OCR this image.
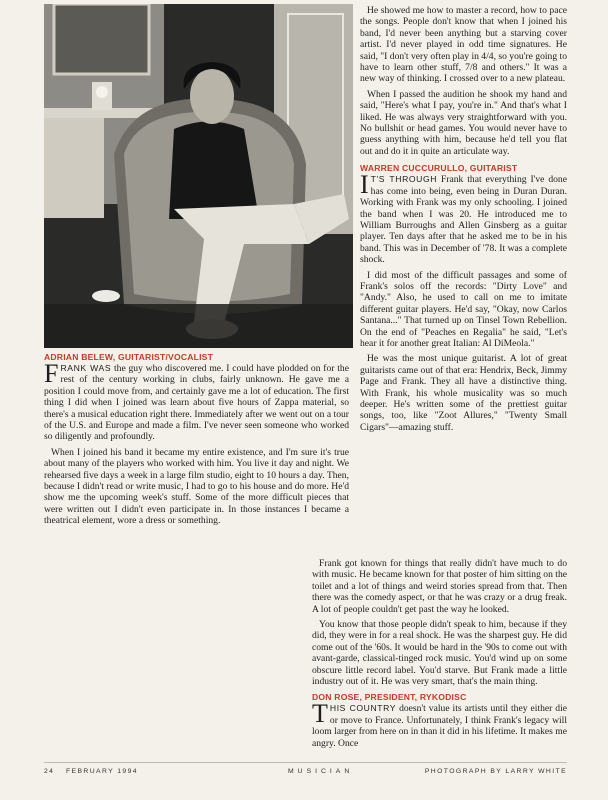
He showed me how to master a record, how to pace the songs. People don't know that when I joined his band, I'd never been anything but a starving cover artist. I'd never played in odd time signatures. He said, "I don't very often play in 4/4, so you're going to have to learn other stuff, 7/8 and others." It was a new way of thinking. I crossed over to a new plateau.

When I passed the audition he shook my hand and said, "Here's what I pay, you're in." And that's what I liked. He was always very straightforward with you. No bullshit or head games. You would never have to guess anything with him, because he'd tell you flat out and do it in quite an articulate way.

WARREN CUCCURULLO, GUITARIST

I T'S THROUGH Frank that everything I've done has come into being, even being in Duran Duran. Working with Frank was my only schooling. I joined the band when I was 20. He introduced me to William Burroughs and Allen Ginsberg as a guitar player. Ten days after that he asked me to be in his band. This was in December of '78. It was a complete shock.

I did most of the difficult passages and some of Frank's solos off the records: "Dirty Love" and "Andy." Also, he used to call on me to imitate different guitar players. He'd say, "Okay, now Carlos Santana..." That turned up on Tinsel Town Rebellion. On the end of "Peaches en Regalia" he said, "Let's hear it for another great Italian: Al DiMeola."

He was the most unique guitarist. A lot of great guitarists came out of that era: Hendrix, Beck, Jimmy Page and Frank. They all have a distinctive thing. With Frank, his whole musicality was so much deeper. He's written some of the prettiest guitar songs, too, like "Zoot Allures," "Twenty Small Cigars"—amazing stuff.

ADRIAN BELEW, GUITARIST/VOCALIST

FRANK WAS the guy who discovered me. I could have plodded on for the rest of the century working in clubs, fairly unknown. He gave me a position I could move from, and certainly gave me a lot of education. The first thing I did when I joined was learn about five hours of Zappa material, so there's a musical education right there. Immediately after we went out on a tour of the U.S. and Europe and made a film. I've never seen someone who worked so diligently and profoundly.

When I joined his band it became my entire existence, and I'm sure it's true about many of the players who worked with him. You live it day and night. We rehearsed five days a week in a large film studio, eight to 10 hours a day. Then, because I didn't read or write music, I had to go to his house and do more. He'd show me the upcoming week's stuff. Some of the more difficult pieces that were written out I didn't even participate in. In those instances I became a theatrical element, wore a dress or something.

Frank got known for things that really didn't have much to do with music. He became known for that poster of him sitting on the toilet and a lot of things and weird stories spread from that. Then there was the comedy aspect, or that he was crazy or a drug freak. A lot of people couldn't get past the way he looked.

You know that those people didn't speak to him, because if they did, they were in for a real shock. He was the sharpest guy. He did come out of the '60s. It would be hard in the '90s to come out with avant-garde, classical-tinged rock music. You'd wind up on some obscure little record label. You'd starve. But Frank made a little industry out of it. He was very smart, that's the main thing.

DON ROSE, PRESIDENT, RYKODISC

THIS COUNTRY doesn't value its artists until they either die or move to France. Unfortunately, I think Frank's legacy will loom larger from here on in than it did in his lifetime. It makes me angry. Once

24 FEBRUARY 1994	MUSICIAN	PHOTOGRAPH BY LARRY WHITE
